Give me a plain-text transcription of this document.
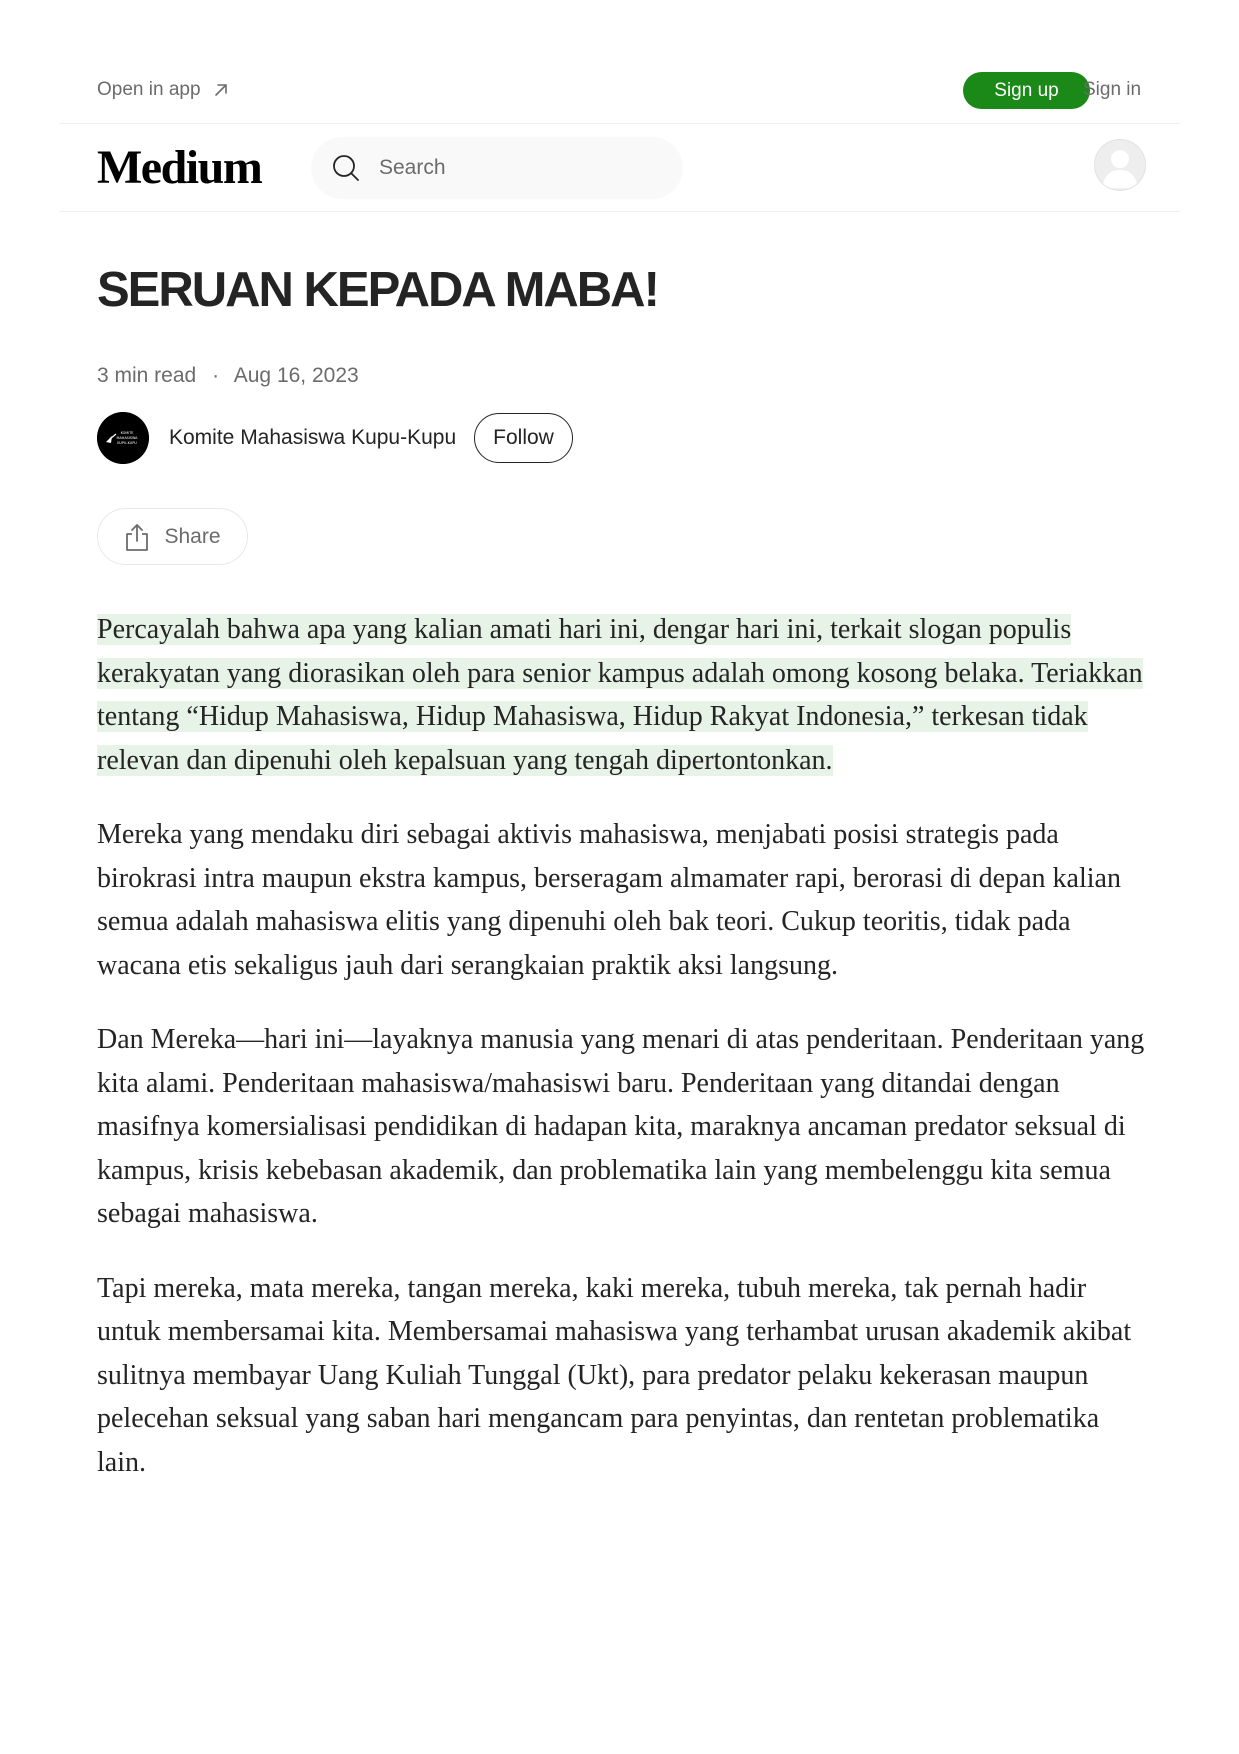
Open in app	Sign up	Sign in
Medium
Search
SERUAN KEPADA MABA!
3 min read · Aug 16, 2023
KOMITE
MAHASISWA
KUPU-KUPU Komite Mahasiswa Kupu-Kupu	Follow
Share

Percayalah bahwa apa yang kalian amati hari ini, dengar hari ini, terkait slogan populis kerakyatan yang diorasikan oleh para senior kampus adalah omong kosong belaka. Teriakkan tentang “Hidup Mahasiswa, Hidup Mahasiswa, Hidup Rakyat Indonesia,” terkesan tidak relevan dan dipenuhi oleh kepalsuan yang tengah dipertontonkan.

Mereka yang mendaku diri sebagai aktivis mahasiswa, menjabati posisi strategis pada birokrasi intra maupun ekstra kampus, berseragam almamater rapi, berorasi di depan kalian semua adalah mahasiswa elitis yang dipenuhi oleh bak teori. Cukup teoritis, tidak pada wacana etis sekaligus jauh dari serangkaian praktik aksi langsung.

Dan Mereka—hari ini—layaknya manusia yang menari di atas penderitaan. Penderitaan yang kita alami. Penderitaan mahasiswa/mahasiswi baru. Penderitaan yang ditandai dengan masifnya komersialisasi pendidikan di hadapan kita, maraknya ancaman predator seksual di kampus, krisis kebebasan akademik, dan problematika lain yang membelenggu kita semua sebagai mahasiswa.

Tapi mereka, mata mereka, tangan mereka, kaki mereka, tubuh mereka, tak pernah hadir untuk membersamai kita. Membersamai mahasiswa yang terhambat urusan akademik akibat sulitnya membayar Uang Kuliah Tunggal (Ukt), para predator pelaku kekerasan maupun pelecehan seksual yang saban hari mengancam para penyintas, dan rentetan problematika lain.
